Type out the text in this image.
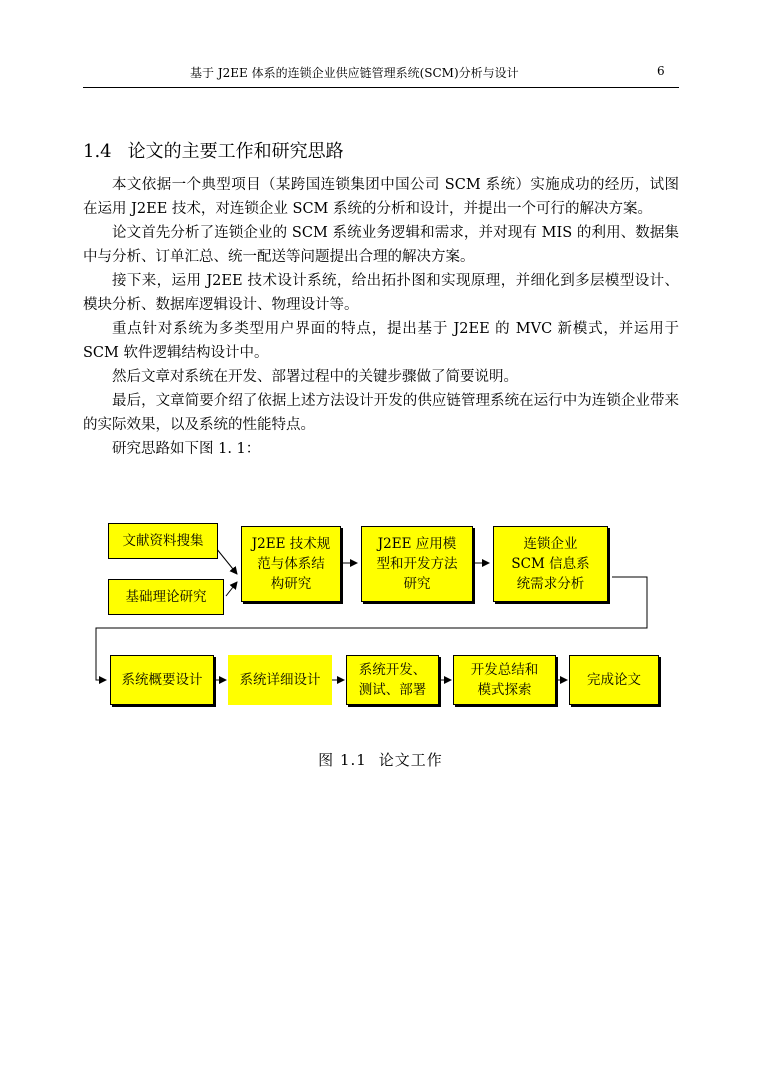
基于 J2EE 体系的连锁企业供应链管理系统(SCM)分析与设计	6
1.4 论文的主要工作和研究思路

本文依据一个典型项目（某跨国连锁集团中国公司 SCM 系统）实施成功的经历，试图在运用 J2EE 技术，对连锁企业 SCM 系统的分析和设计，并提出一个可行的解决方案。

论文首先分析了连锁企业的 SCM 系统业务逻辑和需求，并对现有 MIS 的利用、数据集中与分析、订单汇总、统一配送等问题提出合理的解决方案。

接下来，运用 J2EE 技术设计系统，给出拓扑图和实现原理，并细化到多层模型设计、模块分析、数据库逻辑设计、物理设计等。

重点针对系统为多类型用户界面的特点，提出基于 J2EE 的 MVC 新模式，并运用于 SCM 软件逻辑结构设计中。

然后文章对系统在开发、部署过程中的关键步骤做了简要说明。

最后，文章简要介绍了依据上述方法设计开发的供应链管理系统在运行中为连锁企业带来的实际效果，以及系统的性能特点。

研究思路如下图 1. 1：

文献资料搜集
基础理论研究
J2EE 技术规
范与体系结
构研究
J2EE 应用模
型和开发方法
研究
连锁企业
SCM 信息系
统需求分析
系统概要设计	系统详细设计
系统开发、
测试、部署
开发总结和
模式探索
完成论文
图 1.1 论文工作
